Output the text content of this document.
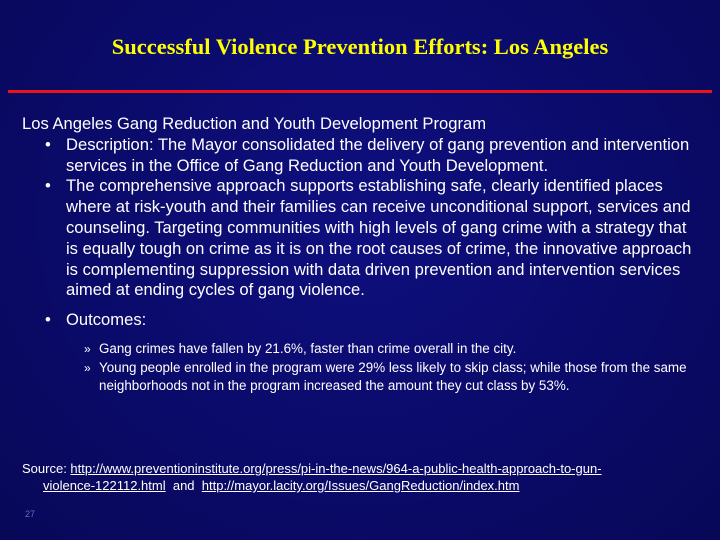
Successful Violence Prevention Efforts: Los Angeles

Los Angeles Gang Reduction and Youth Development Program

• Description: The Mayor consolidated the delivery of gang prevention and intervention services in the Office of Gang Reduction and Youth Development.

• The comprehensive approach supports establishing safe, clearly identified places where at risk-youth and their families can receive unconditional support, services and counseling. Targeting communities with high levels of gang crime with a strategy that is equally tough on crime as it is on the root causes of crime, the innovative approach is complementing suppression with data driven prevention and intervention services aimed at ending cycles of gang violence.

• Outcomes:

» Gang crimes have fallen by 21.6%, faster than crime overall in the city.

» Young people enrolled in the program were 29% less likely to skip class; while those from the same neighborhoods not in the program increased the amount they cut class by 53%.

Source: http://www.preventioninstitute.org/press/pi-in-the-news/964-a-public-health-approach-to-gun-
violence-122112.html  and  http://mayor.lacity.org/Issues/GangReduction/index.htm
27
